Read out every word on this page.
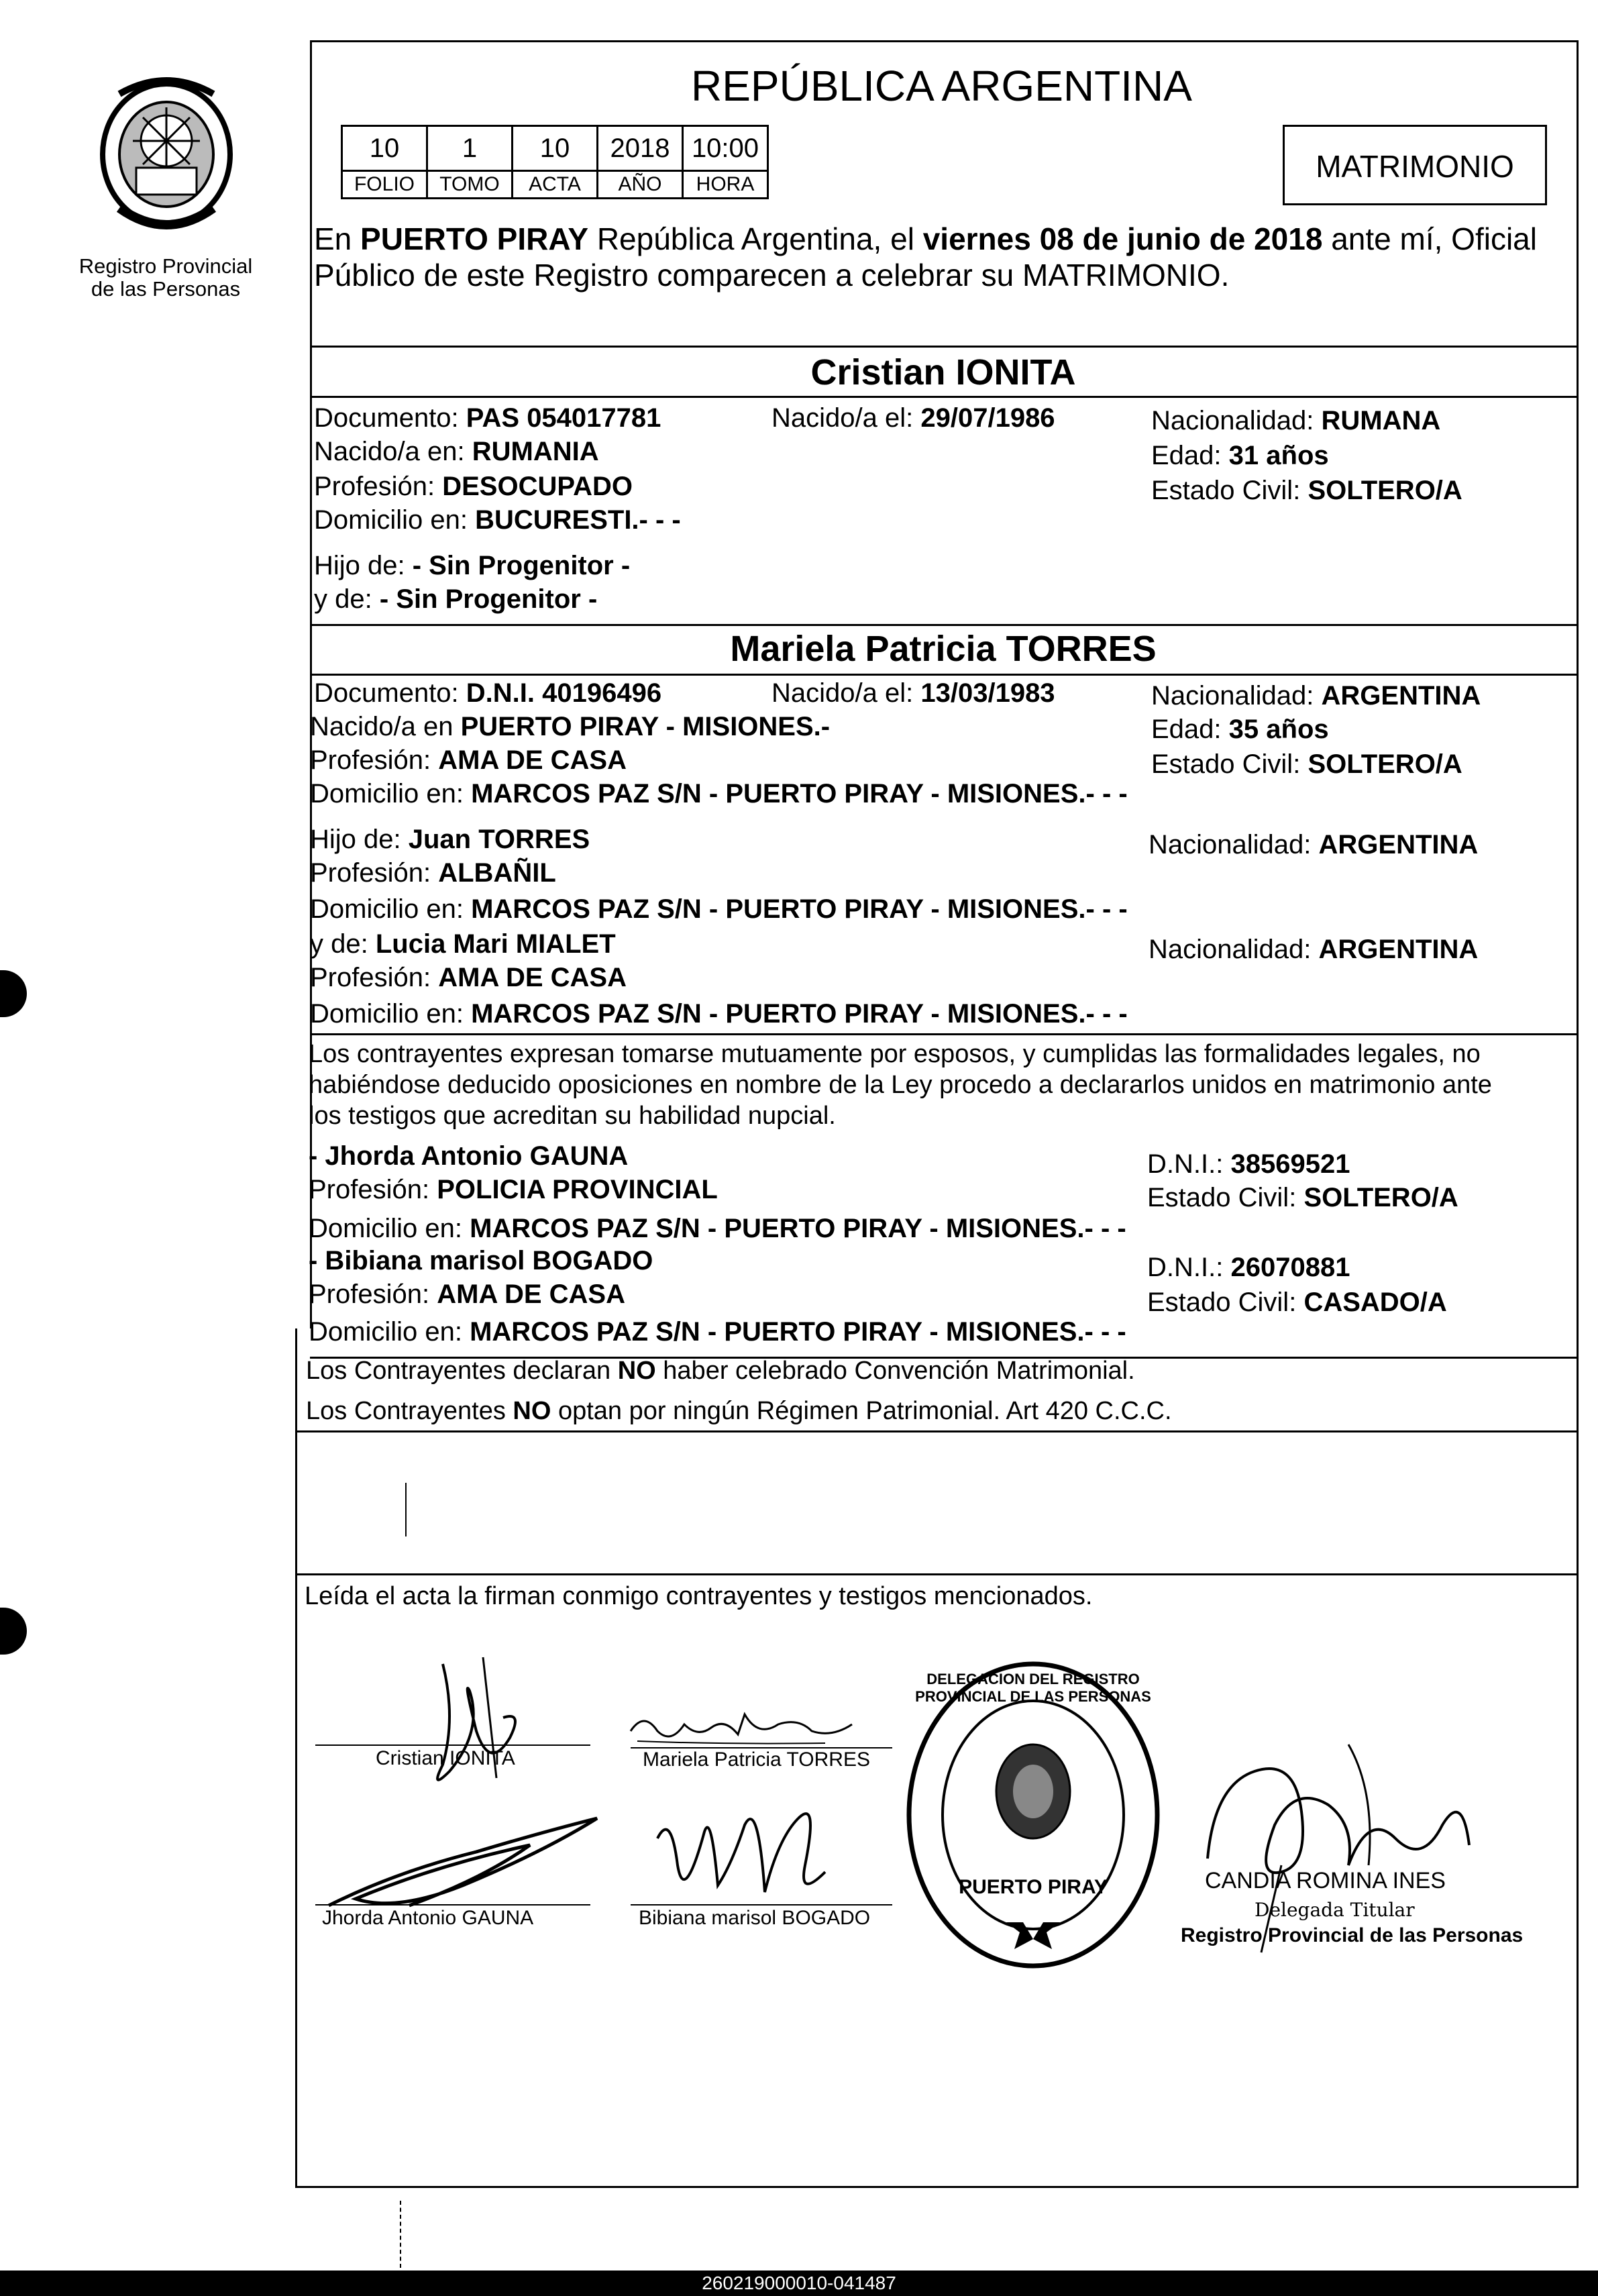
Registro Provincial
de las Personas
REPÚBLICA ARGENTINA
10	1	10	2018	10:00
FOLIO	TOMO	ACTA	AÑO	HORA
MATRIMONIO
En PUERTO PIRAY República Argentina, el viernes 08 de junio de 2018 ante mí, Oficial
Público de este Registro comparecen a celebrar su MATRIMONIO.
Cristian IONITA
Documento: PAS 054017781	Nacido/a el: 29/07/1986	Nacionalidad: RUMANA
Nacido/a en: RUMANIA	Edad: 31 años
Profesión: DESOCUPADO	Estado Civil: SOLTERO/A
Domicilio en: BUCURESTI.- - -
Hijo de: - Sin Progenitor -
y de: - Sin Progenitor -
Mariela Patricia TORRES
Documento: D.N.I. 40196496	Nacido/a el: 13/03/1983	Nacionalidad: ARGENTINA
Nacido/a en PUERTO PIRAY - MISIONES.-	Edad: 35 años
Profesión: AMA DE CASA	Estado Civil: SOLTERO/A
Domicilio en: MARCOS PAZ S/N - PUERTO PIRAY - MISIONES.- - -
Hijo de: Juan TORRES	Nacionalidad: ARGENTINA
Profesión: ALBAÑIL
Domicilio en: MARCOS PAZ S/N - PUERTO PIRAY - MISIONES.- - -
y de: Lucia Mari MIALET	Nacionalidad: ARGENTINA
Profesión: AMA DE CASA
Domicilio en: MARCOS PAZ S/N - PUERTO PIRAY - MISIONES.- - -
Los contrayentes expresan tomarse mutuamente por esposos, y cumplidas las formalidades legales, no
habiéndose deducido oposiciones en nombre de la Ley procedo a declararlos unidos en matrimonio ante
los testigos que acreditan su habilidad nupcial.
- Jhorda Antonio GAUNA	D.N.I.: 38569521
Profesión: POLICIA PROVINCIAL	Estado Civil: SOLTERO/A
Domicilio en: MARCOS PAZ S/N - PUERTO PIRAY - MISIONES.- - -
- Bibiana marisol BOGADO	D.N.I.: 26070881
Profesión: AMA DE CASA	Estado Civil: CASADO/A
Domicilio en: MARCOS PAZ S/N - PUERTO PIRAY - MISIONES.- - -
Los Contrayentes declaran NO haber celebrado Convención Matrimonial.
Los Contrayentes NO optan por ningún Régimen Patrimonial. Art 420 C.C.C.
Leída el acta la firman conmigo contrayentes y testigos mencionados.
Cristian IONITA	Mariela Patricia TORRES
Jhorda Antonio GAUNA	Bibiana marisol BOGADO
DELEGACION DEL REGISTRO PROVINCIAL DE LAS PERSONAS
PUERTO PIRAY	CANDIA ROMINA INES
Delegada Titular
Registro Provincial de las Personas
260219000010-041487
